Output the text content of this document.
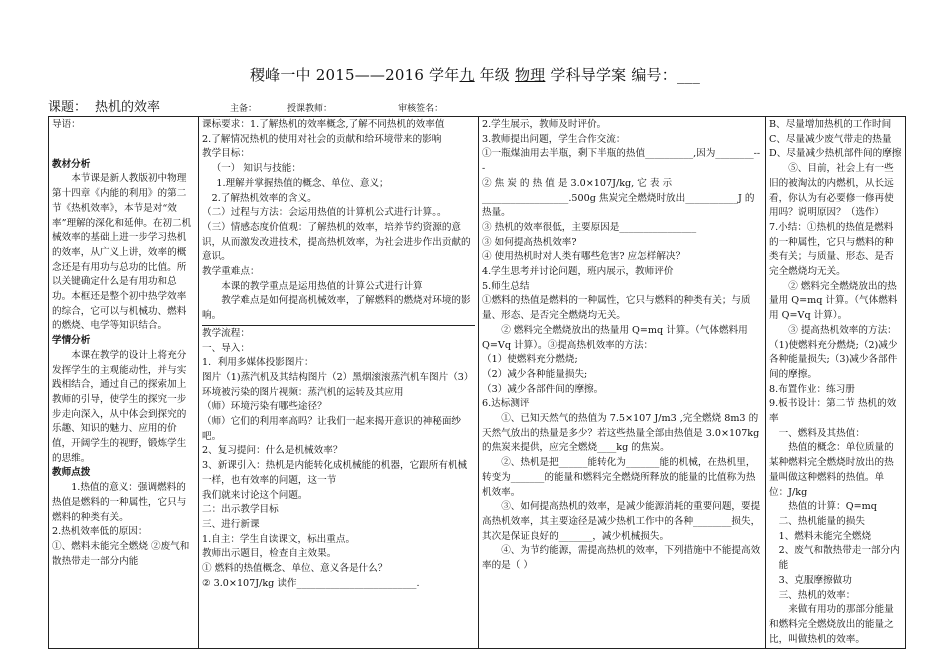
稷峰一中 2015——2016 学年九 年级 物理 学科导学案 编号：___
课题： 热机的效率	主备：	授课教师：	审核签名：

导语：

教材分析

本节课是新人教版初中物理第十四章《内能的利用》的第二节《热机效率》，本节是对“效率”理解的深化和延伸。在初二机械效率的基础上进一步学习热机的效率，从广义上讲，效率的概念还是有用功与总功的比值。所以关键确定什么是有用功和总功。本框还是整个初中热学效率的综合，它可以与机械功、燃料的燃烧、电学等知识结合。

学情分析

本课在教学的设计上将充分发挥学生的主观能动性，并与实践相结合，通过自己的探索加上教师的引导，使学生的探究一步步走向深入，从中体会到探究的乐趣、知识的魅力、应用的价值，开阔学生的视野，锻炼学生的思维。

教师点拨

1.热值的意义：强调燃料的热值是燃料的一种属性，它只与燃料的种类有关。

2.热机效率低的原因：

①、燃料未能完全燃烧 ②废气和散热带走一部分内能

课标要求：1.了解热机的效率概念,了解不同热机的效率值

2.了解情况热机的使用对社会的贡献和给环境带来的影响

教学目标：

（一） 知识与技能：

1.理解并掌握热值的概念、单位、意义；

2.了解热机效率的含义。

（二）过程与方法：会运用热值的计算机公式进行计算。。

（三）情感态度价值观：了解热机的效率，培养节约资源的意识，从而激发改进技术，提高热机效率，为社会进步作出贡献的意识。

教学重难点：

本课的教学重点是运用热值的计算公式进行计算

教学难点是如何提高机械效率，了解燃料的燃烧对环境的影响。

教学流程：

一、导入：

1．利用多媒体投影图片：

图片（1)蒸汽机及其结构图片（2）黑烟滚滚蒸汽机车图片（3）环境被污染的图片视频：蒸汽机的运转及其应用

（师）环境污染有哪些途径？

（师）它们的利用率高吗？让我们一起来揭开意识的神秘面纱吧。

2、复习提问：什么是机械效率？

3、新课引入：热机是内能转化成机械能的机器，它跟所有机械一样，也有效率的问题，这一节

我们就来讨论这个问题。

二：出示教学目标

三、进行新课

1.自主：学生自读课文，标出重点。

教师出示题目，检查自主效果。

① 燃料的热值概念、单位、意义各是什么？

② 3.0×107J/kg 读作_________________________.

2.学生展示，教师及时评价。

3.教师提出问题，学生合作交流：

①一瓶煤油用去半瓶，剩下半瓶的热值__________,因为________---

② 焦 炭 的 热 值 是 3.0×107J/kg, 它 表 示__________________.500g 焦炭完全燃烧时放出___________J 的热量。

③ 热机的效率很低，主要原因是________________

③ 如何提高热机效率?

④ 使用热机时对人类有哪些危害? 应怎样解决？

4.学生思考并讨论问题，班内展示，教师评价

5.师生总结

①燃料的热值是燃料的一种属性，它只与燃料的种类有关；与质量、形态、是否完全燃烧均无关。

② 燃料完全燃烧放出的热量用 Q=mq 计算。（气体燃料用 Q=Vq 计算）。③提高热机效率的方法：

（1）使燃料充分燃烧;

（2）减少各种能量损失;

（3）减少各部件间的摩擦。

6.达标测评

①、已知天然气的热值为 7.5×107 J/m3 ,完全燃烧 8m3 的天然气放出的热量是多少？若这些热量全部由热值是 3.0×107kg 的焦炭来提供，应完全燃烧____kg 的焦炭。

②、热机是把______能转化为_______能的机械，在热机里，转变为_______的能量和燃料完全燃烧所释放的能量的比值称为热机效率。

③、如何提高热机的效率，是减少能源消耗的重要问题，要提高热机效率，其主要途径是减少热机工作中的各种________损失，其次是保证良好的_______，减少机械损失。

④、为节约能源，需提高热机的效率，下列措施中不能提高效率的是（ ）

B、尽量增加热机的工作时间

C、尽量减少废气带走的热量

D、尽量减少热机部件间的摩擦

⑤、目前，社会上有一些旧的被淘汰的内燃机，从长远看，你认为有必要修一修再使用吗？说明原因？（选作）

7.小结：①热机的热值是燃料的一种属性，它只与燃料的种类有关；与质量、形态、是否完全燃烧均无关。

② 燃料完全燃烧放出的热量用 Q=mq 计算。（气体燃料用 Q=Vq 计算）。

③ 提高热机效率的方法：

（1)使燃料充分燃烧;（2)减少各种能量损失;（3)减少各部件间的摩擦。

8.布置作业：练习册

9.板书设计：第二节 热机的效率

一、燃料及其热值：

热值的概念：单位质量的某种燃料完全燃烧时放出的热量叫做这种燃料的热值。单位：J/kg

热值的计算：Q=mq

二、热机能量的损失

1、燃料未能完全燃烧

2、废气和散热带走一部分内能

3、克服摩擦做功

三、热机的效率：

来做有用功的那部分能量和燃料完全燃烧放出的能量之比，叫做热机的效率。
